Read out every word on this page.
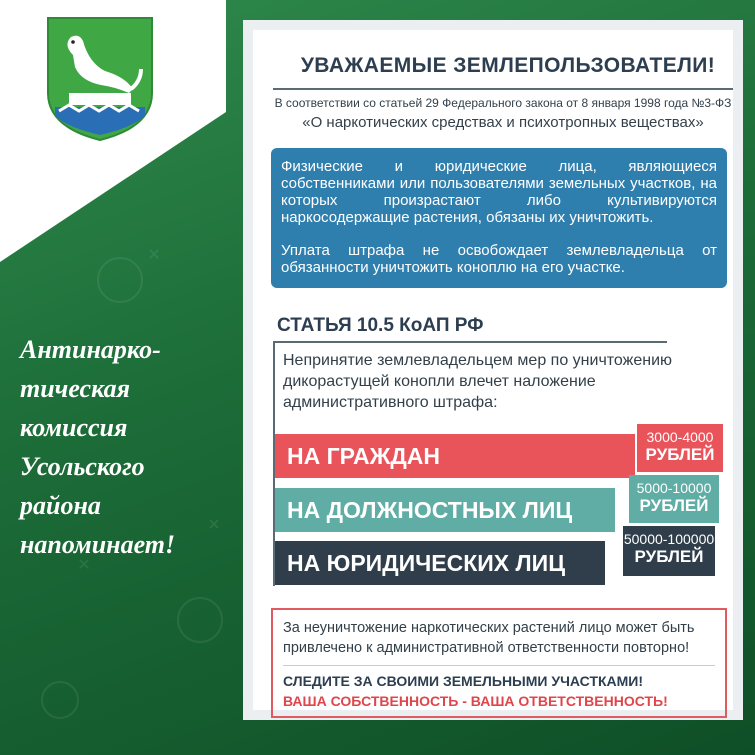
Антинарко-
тическая
комиссия
Усольского
района
напоминает!
УВАЖАЕМЫЕ ЗЕМЛЕПОЛЬЗОВАТЕЛИ!
В соответствии со статьей 29 Федерального закона от 8 января 1998 года №3-ФЗ
«О наркотических средствах и психотропных веществах»
Физические и юридические лица, являющиеся собственниками или пользователями земельных участков, на которых произрастают либо культивируются наркосодержащие растения, обязаны их уничтожить.
Уплата штрафа не освобождает землевладельца от обязанности уничтожить коноплю на его участке.
СТАТЬЯ 10.5 КоАП РФ
Непринятие землевладельцем мер по уничтожению дикорастущей конопли влечет наложение административного штрафа:
НА ГРАЖДАН
3000-4000
РУБЛЕЙ
НА ДОЛЖНОСТНЫХ ЛИЦ
5000-10000
РУБЛЕЙ
НА ЮРИДИЧЕСКИХ ЛИЦ
50000-100000
РУБЛЕЙ
За неуничтожение наркотических растений лицо может быть привлечено к административной ответственности повторно!
СЛЕДИТЕ ЗА СВОИМИ ЗЕМЕЛЬНЫМИ УЧАСТКАМИ!
ВАША СОБСТВЕННОСТЬ - ВАША ОТВЕТСТВЕННОСТЬ!
